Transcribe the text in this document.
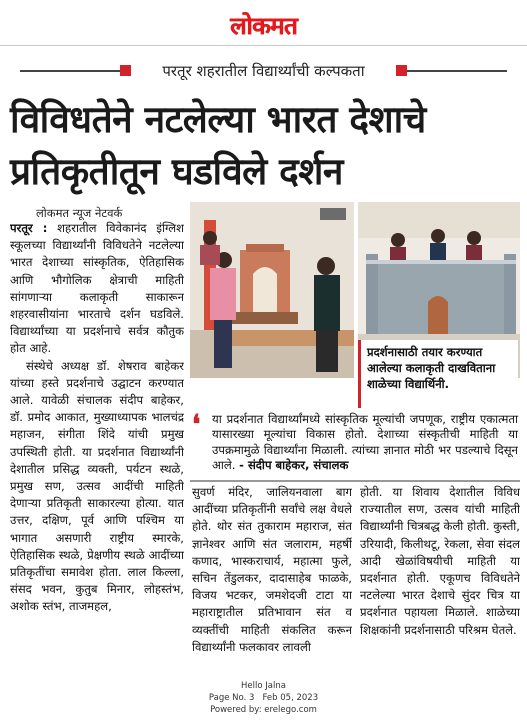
लोकमत
परतूर शहरातील विद्यार्थ्यांची कल्पकता
विविधतेने नटलेल्या भारत देशाचे
प्रतिकृतीतून घडविले दर्शन
लोकमत न्यूज नेटवर्क

परतूर : शहरातील विवेकानंद इंग्लिश स्कूलच्या विद्यार्थ्यांनी विविधतेने नटलेल्या भारत देशाच्या सांस्कृतिक, ऐतिहासिक आणि भौगोलिक क्षेत्राची माहिती सांगणाऱ्या कलाकृती साकारून शहरवासीयांना भारताचे दर्शन घडविले. विद्यार्थ्यांच्या या प्रदर्शनाचे सर्वत्र कौतुक होत आहे.

संस्थेचे अध्यक्ष डॉ. शेषराव बाहेकर यांच्या हस्ते प्रदर्शनाचे उद्घाटन करण्यात आले. यावेळी संचालक संदीप बाहेकर, डॉ. प्रमोद आकात, मुख्याध्यापक भालचंद्र महाजन, संगीता शिंदे यांची प्रमुख उपस्थिती होती. या प्रदर्शनात विद्यार्थ्यांनी देशातील प्रसिद्ध व्यक्ती, पर्यटन स्थळे, प्रमुख सण, उत्सव आदींची माहिती देणाऱ्या प्रतिकृती साकारल्या होत्या. यात उत्तर, दक्षिण, पूर्व आणि पश्चिम या भागात असणारी राष्ट्रीय स्मारके, ऐतिहासिक स्थळे, प्रेक्षणीय स्थळे आदींच्या प्रतिकृतींचा समावेश होता. लाल किल्ला, संसद भवन, कुतुब मिनार, लोहस्तंभ, अशोक स्तंभ, ताजमहल,

प्रदर्शनासाठी तयार करण्यात आलेल्या कलाकृती दाखविताना शाळेच्या विद्यार्थिनी.
❛ या प्रदर्शनात विद्यार्थ्यांमध्ये सांस्कृतिक मूल्यांची जपणूक, राष्ट्रीय एकात्मता यासारख्या मूल्यांचा विकास होतो. देशाच्या संस्कृतीची माहिती या उपक्रमामुळे विद्यार्थ्यांना मिळाली. त्यांच्या ज्ञानात मोठी भर पडल्याचे दिसून आले. - संदीप बाहेकर, संचालक
सुवर्ण मंदिर, जालियनवाला बाग आदींच्या प्रतिकृतींनी सर्वांचे लक्ष वेधले होते. थोर संत तुकाराम महाराज, संत ज्ञानेश्वर आणि संत जलाराम, महर्षी कणाद, भास्कराचार्य, महात्मा फुले, सचिन तेंडुलकर, दादासाहेब फाळके, विजय भटकर, जमशेदजी टाटा या महाराष्ट्रातील प्रतिभावान संत व व्यक्तींची माहिती संकलित करून विद्यार्थ्यांनी फलकावर लावली
होती. या शिवाय देशातील विविध राज्यातील सण, उत्सव यांची माहिती विद्यार्थ्यांनी चित्रबद्ध केली होती. कुस्ती, उरियादी, किलीथटू, रेकला, सेवा संदल आदी खेळांविषयीची माहिती या प्रदर्शनात होती. एकूणच विविधतेने नटलेल्या भारत देशाचे सुंदर चित्र या प्रदर्शनात पहायला मिळाले. शाळेच्या शिक्षकांनी प्रदर्शनासाठी परिश्रम घेतले.
Hello Jalna
Page No. 3 Feb 05, 2023
Powered by: erelego.com
